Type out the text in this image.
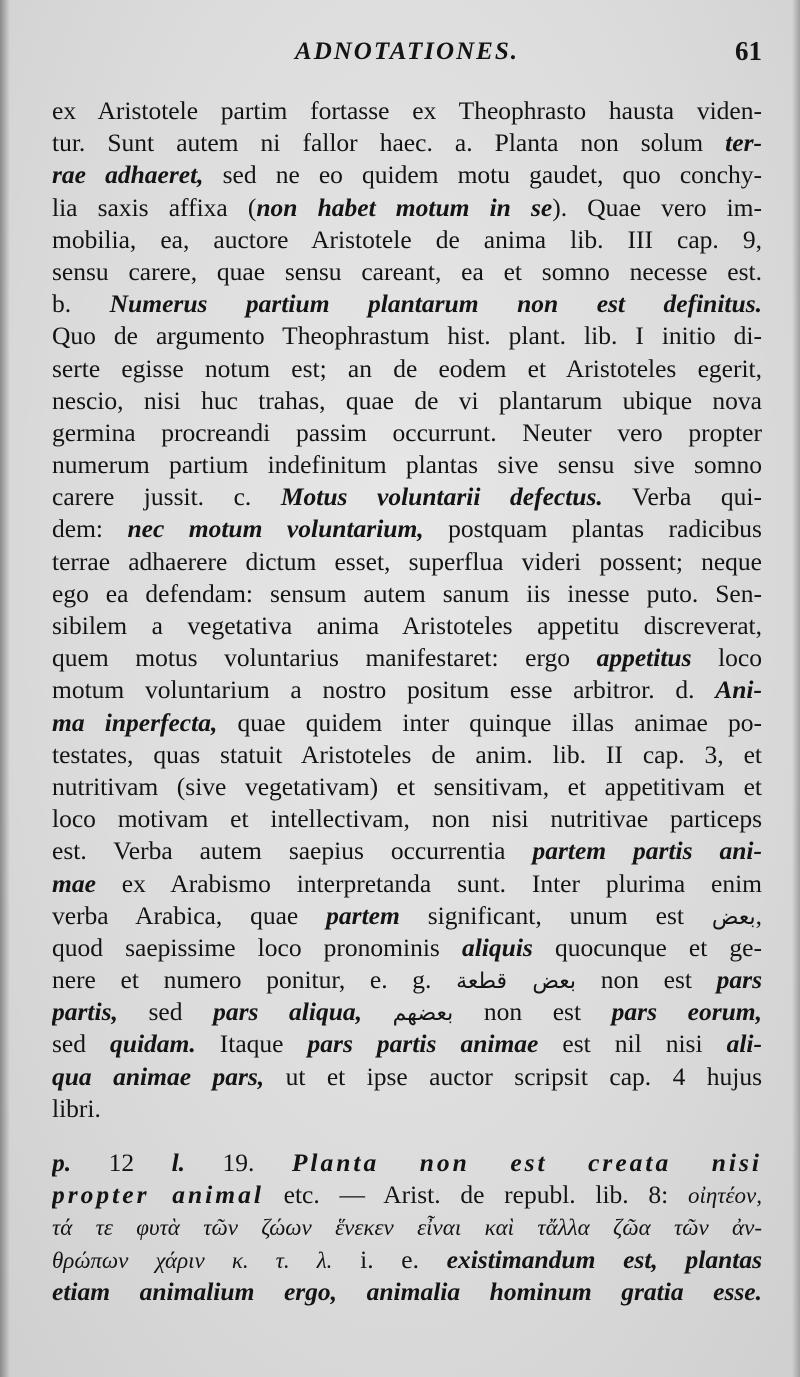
ADNOTATIONES.	61
ex Aristotele partim fortasse ex Theophrasto hausta viden-
tur. Sunt autem ni fallor haec. a. Planta non solum ter-
rae adhaeret, sed ne eo quidem motu gaudet, quo conchy-
lia saxis affixa (non habet motum in se). Quae vero im-
mobilia, ea, auctore Aristotele de anima lib. III cap. 9,
sensu carere, quae sensu careant, ea et somno necesse est.
b. Numerus partium plantarum non est definitus.
Quo de argumento Theophrastum hist. plant. lib. I initio di-
serte egisse notum est; an de eodem et Aristoteles egerit,
nescio, nisi huc trahas, quae de vi plantarum ubique nova
germina procreandi passim occurrunt. Neuter vero propter
numerum partium indefinitum plantas sive sensu sive somno
carere jussit. c. Motus voluntarii defectus. Verba qui-
dem: nec motum voluntarium, postquam plantas radicibus
terrae adhaerere dictum esset, superflua videri possent; neque
ego ea defendam: sensum autem sanum iis inesse puto. Sen-
sibilem a vegetativa anima Aristoteles appetitu discreverat,
quem motus voluntarius manifestaret: ergo appetitus loco
motum voluntarium a nostro positum esse arbitror. d. Ani-
ma inperfecta, quae quidem inter quinque illas animae po-
testates, quas statuit Aristoteles de anim. lib. II cap. 3, et
nutritivam (sive vegetativam) et sensitivam, et appetitivam et
loco motivam et intellectivam, non nisi nutritivae particeps
est. Verba autem saepius occurrentia partem partis ani-
mae ex Arabismo interpretanda sunt. Inter plurima enim
verba Arabica, quae partem significant, unum est بعض,
quod saepissime loco pronominis aliquis quocunque et ge-
nere et numero ponitur, e. g. بعض قطعة non est pars
partis, sed pars aliqua, بعضهم non est pars eorum,
sed quidam. Itaque pars partis animae est nil nisi ali-
qua animae pars, ut et ipse auctor scripsit cap. 4 hujus
libri.
p. 12 l. 19. Planta non est creata nisi
propter animal etc. — Arist. de republ. lib. 8: οἰητέον,
τά τε φυτὰ τῶν ζώων ἕνεκεν εἶναι καὶ τἄλλα ζῶα τῶν ἀν-
θρώπων χάριν κ. τ. λ. i. e. existimandum est, plantas
etiam animalium ergo, animalia hominum gratia esse.
